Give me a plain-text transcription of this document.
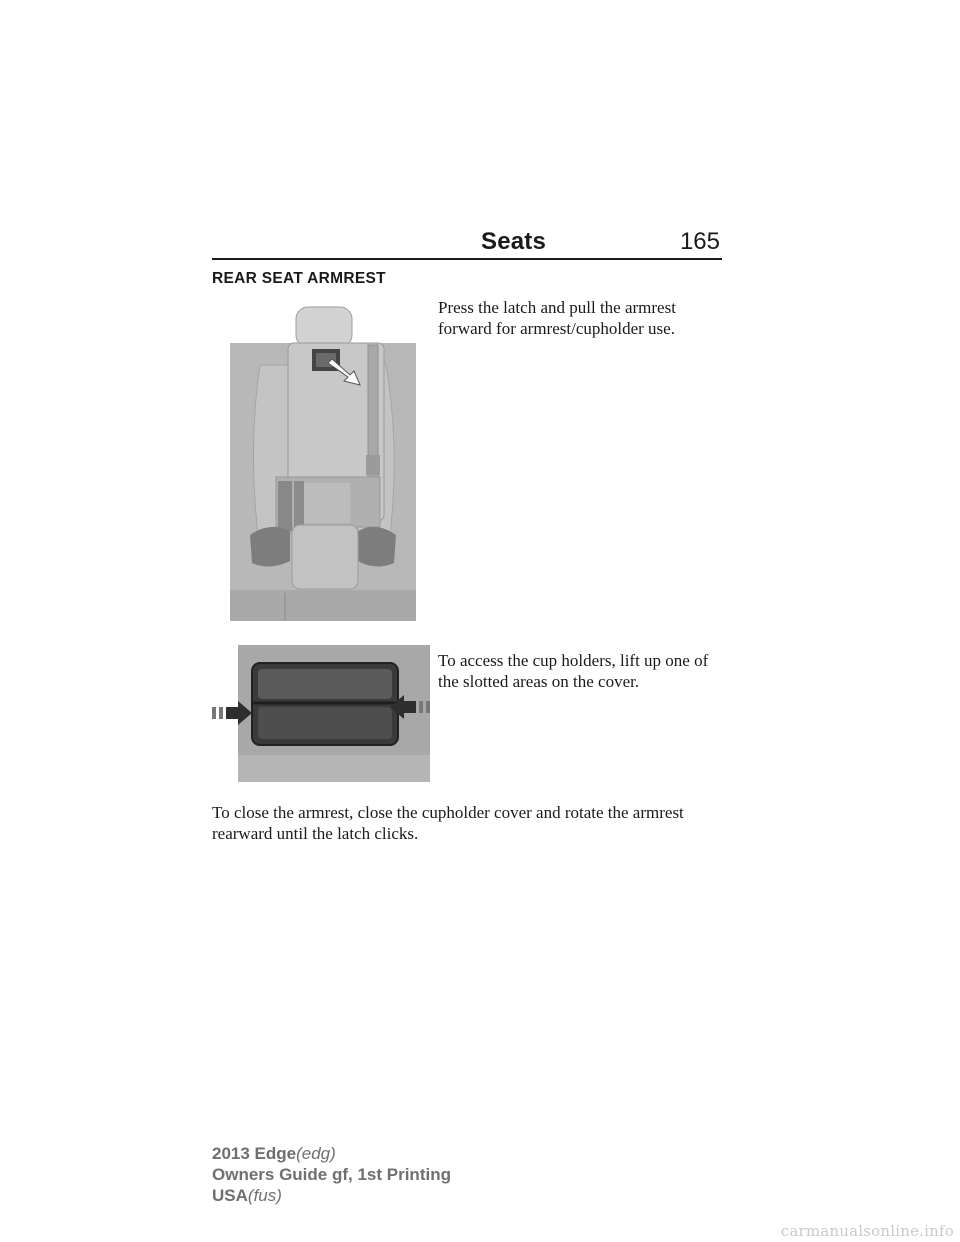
Seats	165
REAR SEAT ARMREST
Press the latch and pull the armrest forward for armrest/cupholder use.
To access the cup holders, lift up one of the slotted areas on the cover.
To close the armrest, close the cupholder cover and rotate the armrest rearward until the latch clicks.
2013 Edge(edg)
Owners Guide gf, 1st Printing
USA(fus)
carmanualsonline.info
